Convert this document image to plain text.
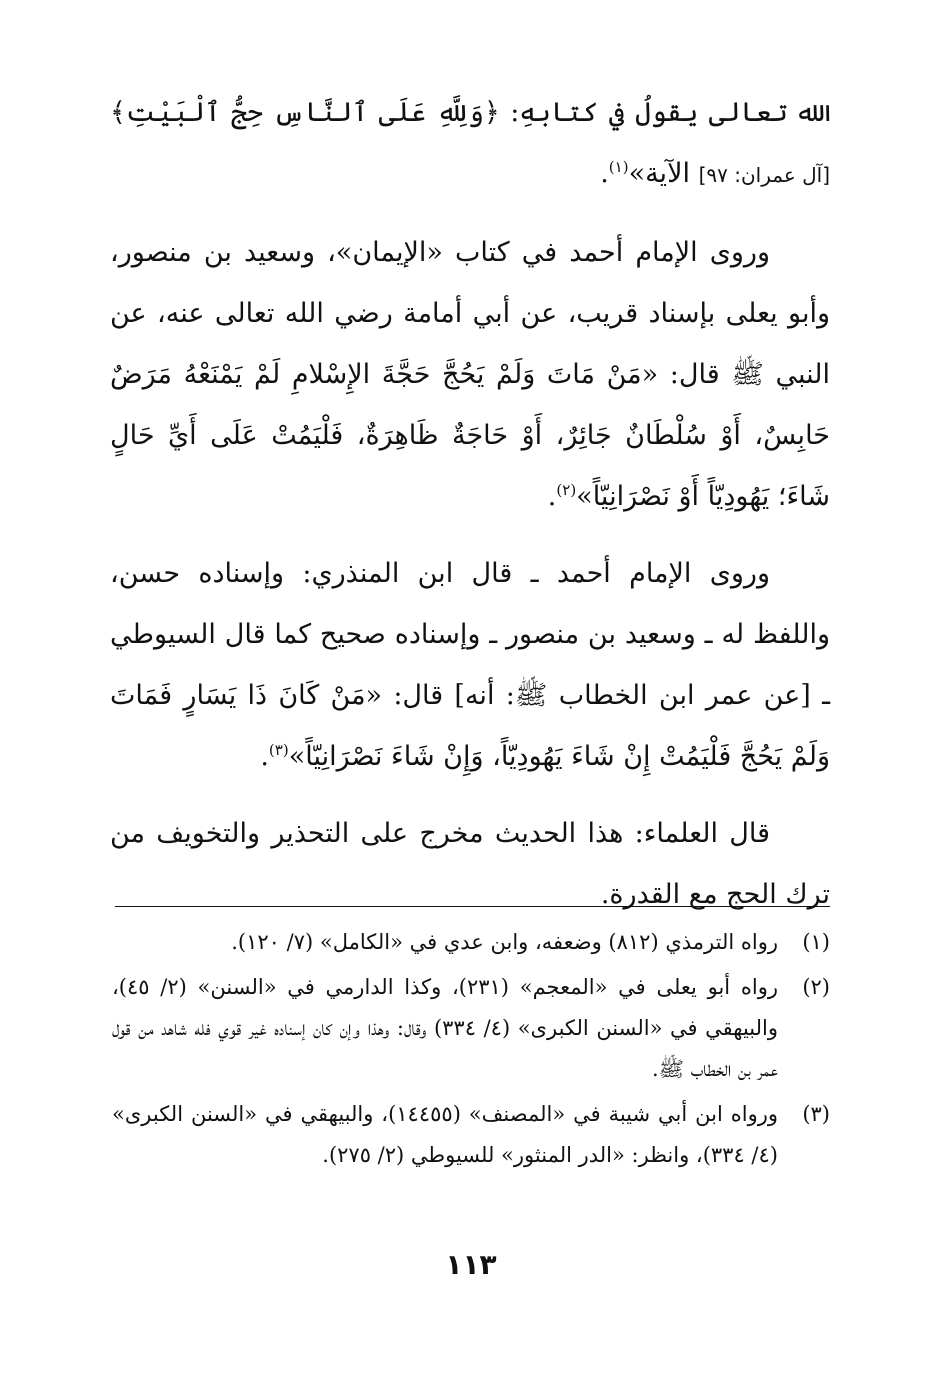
الله تعالى يقولُ في كتابهِ: ﴿وَلِلَّهِ عَلَى ٱلنَّاسِ حِجُّ ٱلْبَيْتِ﴾[آل عمران: ٩٧] الآية»$^{(١)}$.

وروى الإمام أحمد في كتاب «الإيمان»، وسعيد بن منصور، وأبو يعلى بإسناد قريب، عن أبي أمامة رضي الله تعالى عنه، عن النبي ﷺ قال: «مَنْ مَاتَ وَلَمْ يَحُجَّ حَجَّةَ الإِسْلامِ لَمْ يَمْنَعْهُ مَرَضٌ حَابِسٌ، أَوْ سُلْطَانٌ جَائِرٌ، أَوْ حَاجَةٌ ظَاهِرَةٌ، فَلْيَمُتْ عَلَى أَيِّ حَالٍ شَاءَ؛ يَهُودِيّاً أَوْ نَصْرَانِيّاً»$^{(٢)}$.

وروى الإمام أحمد ـ قال ابن المنذري: وإسناده حسن، واللفظ له ـ وسعيد بن منصور ـ وإسناده صحيح كما قال السيوطي ـ [عن عمر ابن الخطاب ﷺ: أنه] قال: «مَنْ كَانَ ذَا يَسَارٍ فَمَاتَ وَلَمْ يَحُجَّ فَلْيَمُتْ إِنْ شَاءَ يَهُودِيّاً، وَإِنْ شَاءَ نَصْرَانِيّاً»$^{(٣)}$.

قال العلماء: هذا الحديث مخرج على التحذير والتخويف من ترك الحج مع القدرة.

(١)
رواه الترمذي (٨١٢) وضعفه، وابن عدي في «الكامل» (٧/ ١٢٠).
(٢)
رواه أبو يعلى في «المعجم» (٢٣١)، وكذا الدارمي في «السنن» (٢/ ٤٥)، والبيهقي في «السنن الكبرى» (٤/ ٣٣٤) وقال: وهذا وإن كان إسناده غير قوي فله شاهد من قول عمر بن الخطاب ﷺ.
(٣)
ورواه ابن أبي شيبة في «المصنف» (١٤٤٥٥)، والبيهقي في «السنن الكبرى» (٤/ ٣٣٤)، وانظر: «الدر المنثور» للسيوطي (٢/ ٢٧٥).
١١٣
